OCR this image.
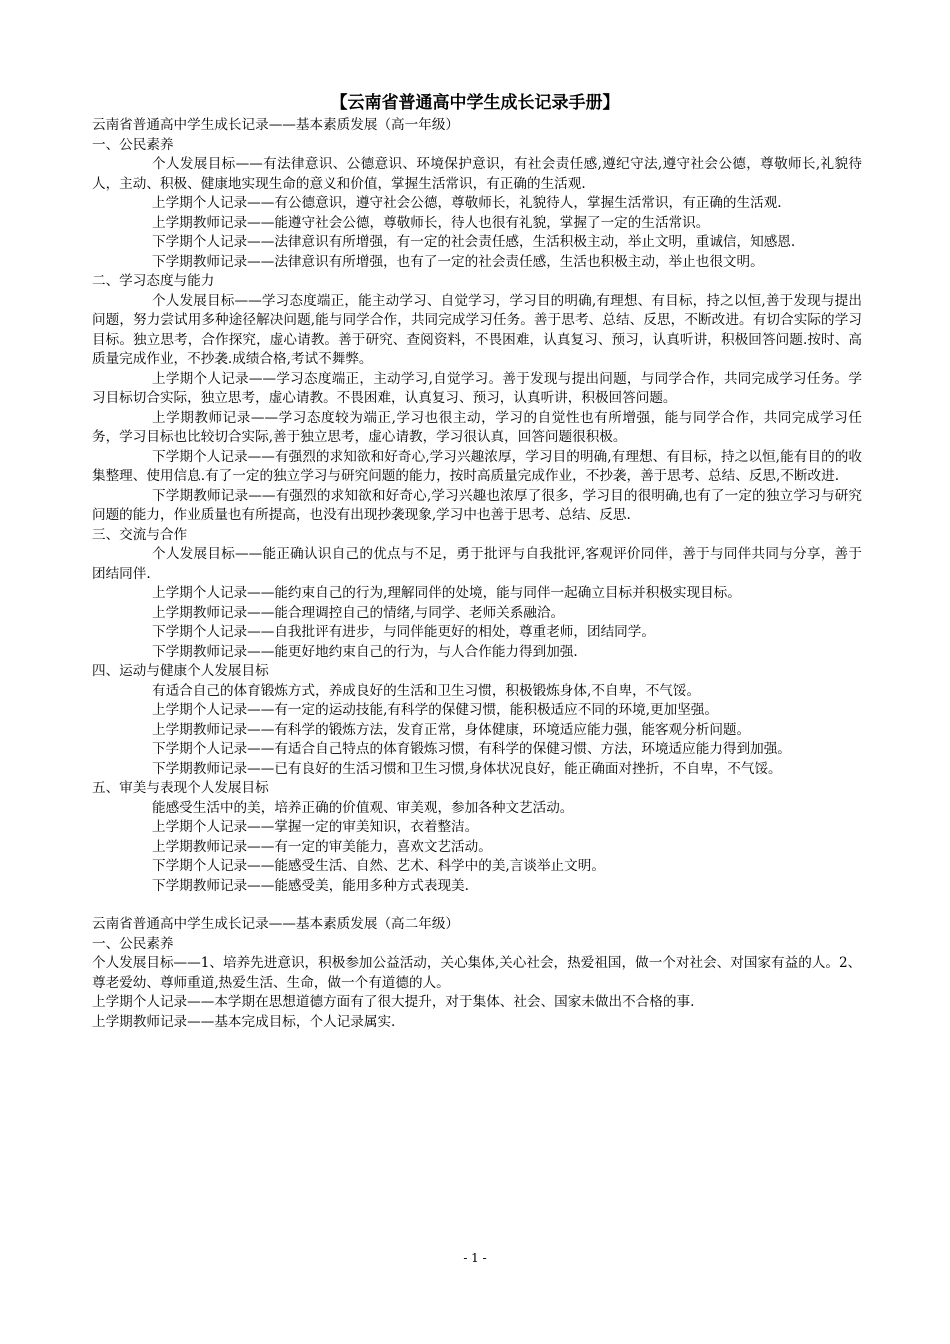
【云南省普通高中学生成长记录手册】
云南省普通高中学生成长记录——基本素质发展（高一年级）
一、公民素养

个人发展目标——有法律意识、公德意识、环境保护意识，有社会责任感,遵纪守法,遵守社会公德，尊敬师长,礼貌待人，主动、积极、健康地实现生命的意义和价值，掌握生活常识，有正确的生活观.

上学期个人记录——有公德意识，遵守社会公德，尊敬师长，礼貌待人，掌握生活常识，有正确的生活观.

上学期教师记录——能遵守社会公德，尊敬师长，待人也很有礼貌，掌握了一定的生活常识。

下学期个人记录——法律意识有所增强，有一定的社会责任感，生活积极主动，举止文明，重诚信，知感恩.

下学期教师记录——法律意识有所增强，也有了一定的社会责任感，生活也积极主动，举止也很文明。

二、学习态度与能力

个人发展目标——学习态度端正，能主动学习、自觉学习，学习目的明确,有理想、有目标，持之以恒,善于发现与提出问题，努力尝试用多种途径解决问题,能与同学合作，共同完成学习任务。善于思考、总结、反思，不断改进。有切合实际的学习目标。独立思考，合作探究，虚心请教。善于研究、查阅资料，不畏困难，认真复习、预习，认真听讲，积极回答问题.按时、高质量完成作业，不抄袭.成绩合格,考试不舞弊。

上学期个人记录——学习态度端正，主动学习,自觉学习。善于发现与提出问题，与同学合作，共同完成学习任务。学习目标切合实际，独立思考，虚心请教。不畏困难，认真复习、预习，认真听讲，积极回答问题。

上学期教师记录——学习态度较为端正,学习也很主动，学习的自觉性也有所增强，能与同学合作，共同完成学习任务，学习目标也比较切合实际,善于独立思考，虚心请教，学习很认真，回答问题很积极。

下学期个人记录——有强烈的求知欲和好奇心,学习兴趣浓厚，学习目的明确,有理想、有目标，持之以恒,能有目的的收集整理、使用信息.有了一定的独立学习与研究问题的能力，按时高质量完成作业，不抄袭，善于思考、总结、反思,不断改进.

下学期教师记录——有强烈的求知欲和好奇心,学习兴趣也浓厚了很多，学习目的很明确,也有了一定的独立学习与研究问题的能力，作业质量也有所提高，也没有出现抄袭现象,学习中也善于思考、总结、反思.

三、交流与合作

个人发展目标——能正确认识自己的优点与不足，勇于批评与自我批评,客观评价同伴，善于与同伴共同与分享，善于团结同伴.

上学期个人记录——能约束自己的行为,理解同伴的处境，能与同伴一起确立目标并积极实现目标。

上学期教师记录——能合理调控自己的情绪,与同学、老师关系融洽。

下学期个人记录——自我批评有进步，与同伴能更好的相处，尊重老师，团结同学。

下学期教师记录——能更好地约束自己的行为，与人合作能力得到加强.

四、运动与健康个人发展目标

有适合自己的体育锻炼方式，养成良好的生活和卫生习惯，积极锻炼身体,不自卑，不气馁。

上学期个人记录——有一定的运动技能,有科学的保健习惯，能积极适应不同的环境,更加坚强。

上学期教师记录——有科学的锻炼方法，发育正常，身体健康，环境适应能力强，能客观分析问题。

下学期个人记录——有适合自己特点的体育锻炼习惯，有科学的保健习惯、方法，环境适应能力得到加强。

下学期教师记录——已有良好的生活习惯和卫生习惯,身体状况良好，能正确面对挫折，不自卑，不气馁。

五、审美与表现个人发展目标

能感受生活中的美，培养正确的价值观、审美观，参加各种文艺活动。

上学期个人记录——掌握一定的审美知识，衣着整洁。

上学期教师记录——有一定的审美能力，喜欢文艺活动。

下学期个人记录——能感受生活、自然、艺术、科学中的美,言谈举止文明。

下学期教师记录——能感受美，能用多种方式表现美.

云南省普通高中学生成长记录——基本素质发展（高二年级）
一、公民素养

个人发展目标——1、培养先进意识，积极参加公益活动，关心集体,关心社会，热爱祖国，做一个对社会、对国家有益的人。2、尊老爱幼、尊师重道,热爱生活、生命，做一个有道德的人。

上学期个人记录——本学期在思想道德方面有了很大提升，对于集体、社会、国家未做出不合格的事.

上学期教师记录——基本完成目标，个人记录属实.

- 1 -
